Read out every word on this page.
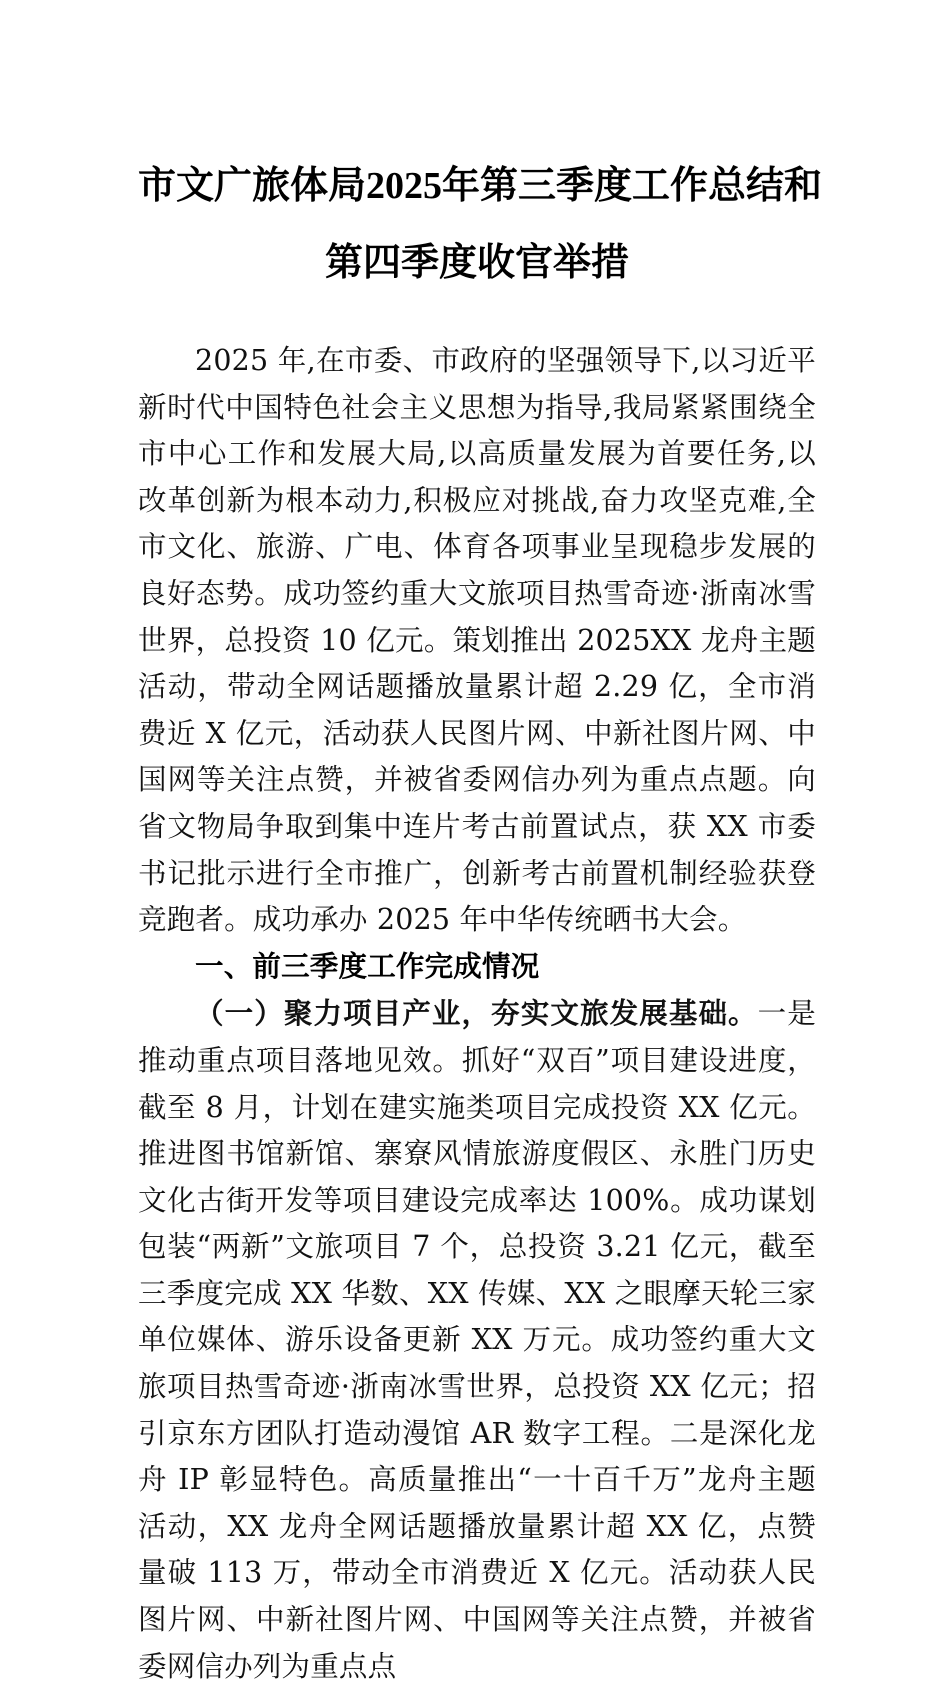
市文广旅体局2025年第三季度工作总结和
第四季度收官举措

2025 年,在市委、市政府的坚强领导下,以习近平新时代中国特色社会主义思想为指导,我局紧紧围绕全市中心工作和发展大局,以高质量发展为首要任务,以改革创新为根本动力,积极应对挑战,奋力攻坚克难,全市文化、旅游、广电、体育各项事业呈现稳步发展的良好态势。成功签约重大文旅项目热雪奇迹·浙南冰雪世界，总投资 10 亿元。策划推出 2025XX 龙舟主题活动，带动全网话题播放量累计超 2.29 亿，全市消费近 X 亿元，活动获人民图片网、中新社图片网、中国网等关注点赞，并被省委网信办列为重点点题。向省文物局争取到集中连片考古前置试点，获 XX 市委书记批示进行全市推广，创新考古前置机制经验获登竞跑者。成功承办 2025 年中华传统晒书大会。

一、前三季度工作完成情况

（一）聚力项目产业，夯实文旅发展基础。一是推动重点项目落地见效。抓好“双百”项目建设进度，截至 8 月，计划在建实施类项目完成投资 XX 亿元。推进图书馆新馆、寨寮风情旅游度假区、永胜门历史文化古街开发等项目建设完成率达 100%。成功谋划包装“两新”文旅项目 7 个，总投资 3.21 亿元，截至三季度完成 XX 华数、XX 传媒、XX 之眼摩天轮三家单位媒体、游乐设备更新 XX 万元。成功签约重大文旅项目热雪奇迹·浙南冰雪世界，总投资 XX 亿元；招引京东方团队打造动漫馆 AR 数字工程。二是深化龙舟 IP 彰显特色。高质量推出“一十百千万”龙舟主题活动，XX 龙舟全网话题播放量累计超 XX 亿，点赞量破 113 万，带动全市消费近 X 亿元。活动获人民图片网、中新社图片网、中国网等关注点赞，并被省委网信办列为重点点
